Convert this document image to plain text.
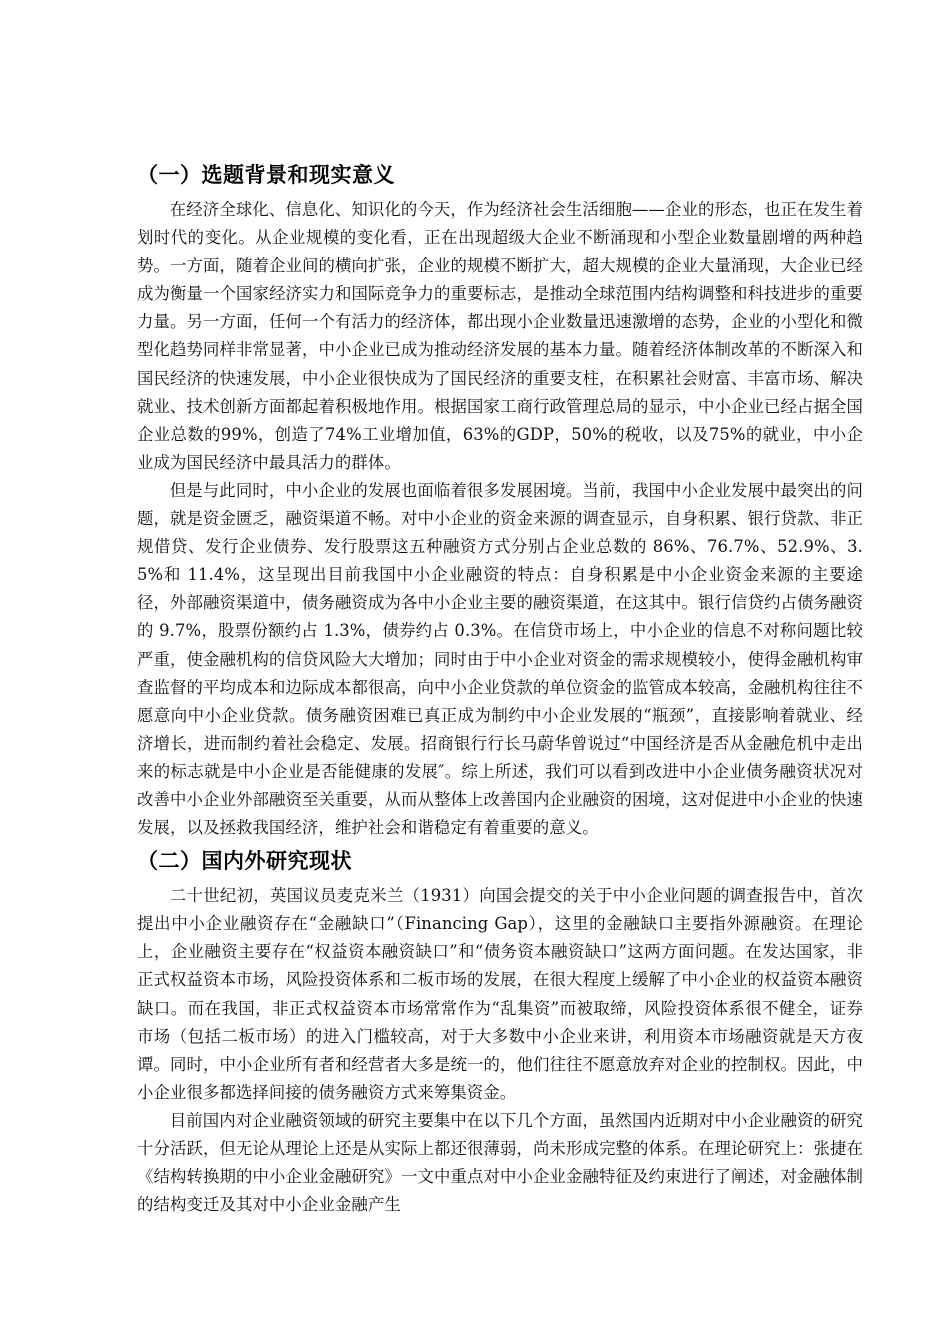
（一）选题背景和现实意义

在经济全球化、信息化、知识化的今天，作为经济社会生活细胞——企业的形态，也正在发生着划时代的变化。从企业规模的变化看，正在出现超级大企业不断涌现和小型企业数量剧增的两种趋势。一方面，随着企业间的横向扩张，企业的规模不断扩大，超大规模的企业大量涌现，大企业已经成为衡量一个国家经济实力和国际竞争力的重要标志，是推动全球范围内结构调整和科技进步的重要力量。另一方面，任何一个有活力的经济体，都出现小企业数量迅速激增的态势，企业的小型化和微型化趋势同样非常显著，中小企业已成为推动经济发展的基本力量。随着经济体制改革的不断深入和国民经济的快速发展，中小企业很快成为了国民经济的重要支柱，在积累社会财富、丰富市场、解决就业、技术创新方面都起着积极地作用。根据国家工商行政管理总局的显示，中小企业已经占据全国企业总数的99%，创造了74%工业增加值，63%的GDP，50%的税收，以及75%的就业，中小企业成为国民经济中最具活力的群体。

但是与此同时，中小企业的发展也面临着很多发展困境。当前，我国中小企业发展中最突出的问题，就是资金匮乏，融资渠道不畅。对中小企业的资金来源的调查显示，自身积累、银行贷款、非正规借贷、发行企业债券、发行股票这五种融资方式分别占企业总数的 86%、76.7%、52.9%、3.5%和 11.4%，这呈现出目前我国中小企业融资的特点：自身积累是中小企业资金来源的主要途径，外部融资渠道中，债务融资成为各中小企业主要的融资渠道，在这其中。银行信贷约占债务融资的 9.7%，股票份额约占 1.3%，债券约占 0.3%。在信贷市场上，中小企业的信息不对称问题比较严重，使金融机构的信贷风险大大增加；同时由于中小企业对资金的需求规模较小，使得金融机构审查监督的平均成本和边际成本都很高，向中小企业贷款的单位资金的监管成本较高，金融机构往往不愿意向中小企业贷款。债务融资困难已真正成为制约中小企业发展的“瓶颈”，直接影响着就业、经济增长，进而制约着社会稳定、发展。招商银行行长马蔚华曾说过“中国经济是否从金融危机中走出来的标志就是中小企业是否能健康的发展″。综上所述，我们可以看到改进中小企业债务融资状况对改善中小企业外部融资至关重要，从而从整体上改善国内企业融资的困境，这对促进中小企业的快速发展，以及拯救我国经济，维护社会和谐稳定有着重要的意义。

（二）国内外研究现状

二十世纪初，英国议员麦克米兰（1931）向国会提交的关于中小企业问题的调查报告中，首次提出中小企业融资存在“金融缺口”（Financing Gap），这里的金融缺口主要指外源融资。在理论上，企业融资主要存在“权益资本融资缺口”和“债务资本融资缺口”这两方面问题。在发达国家，非正式权益资本市场，风险投资体系和二板市场的发展，在很大程度上缓解了中小企业的权益资本融资缺口。而在我国，非正式权益资本市场常常作为“乱集资”而被取缔，风险投资体系很不健全，证券市场（包括二板市场）的进入门槛较高，对于大多数中小企业来讲，利用资本市场融资就是天方夜谭。同时，中小企业所有者和经营者大多是统一的，他们往往不愿意放弃对企业的控制权。因此，中小企业很多都选择间接的债务融资方式来筹集资金。

目前国内对企业融资领域的研究主要集中在以下几个方面，虽然国内近期对中小企业融资的研究十分活跃，但无论从理论上还是从实际上都还很薄弱，尚未形成完整的体系。在理论研究上：张捷在《结构转换期的中小企业金融研究》一文中重点对中小企业金融特征及约束进行了阐述，对金融体制的结构变迁及其对中小企业金融产生
